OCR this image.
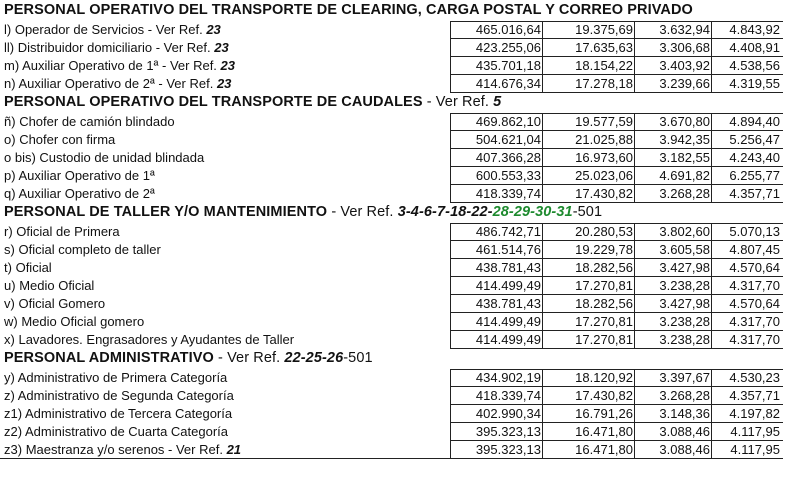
PERSONAL OPERATIVO DEL TRANSPORTE DE CLEARING, CARGA POSTAL Y CORREO PRIVADO
l) Operador de Servicios - Ver Ref. 23	465.016,64	19.375,69	3.632,94	4.843,92
ll) Distribuidor domiciliario - Ver Ref. 23	423.255,06	17.635,63	3.306,68	4.408,91
m) Auxiliar Operativo de 1ª - Ver Ref. 23	435.701,18	18.154,22	3.403,92	4.538,56
n) Auxiliar Operativo de 2ª - Ver Ref. 23	414.676,34	17.278,18	3.239,66	4.319,55
PERSONAL OPERATIVO DEL TRANSPORTE DE CAUDALES - Ver Ref. 5
ñ) Chofer de camión blindado	469.862,10	19.577,59	3.670,80	4.894,40
o) Chofer con firma	504.621,04	21.025,88	3.942,35	5.256,47
o bis) Custodio de unidad blindada	407.366,28	16.973,60	3.182,55	4.243,40
p) Auxiliar Operativo de 1ª	600.553,33	25.023,06	4.691,82	6.255,77
q) Auxiliar Operativo de 2ª	418.339,74	17.430,82	3.268,28	4.357,71
PERSONAL DE TALLER Y/O MANTENIMIENTO - Ver Ref. 3-4-6-7-18-22-28-29-30-31-501
r) Oficial de Primera	486.742,71	20.280,53	3.802,60	5.070,13
s) Oficial completo de taller	461.514,76	19.229,78	3.605,58	4.807,45
t) Oficial	438.781,43	18.282,56	3.427,98	4.570,64
u) Medio Oficial	414.499,49	17.270,81	3.238,28	4.317,70
v) Oficial Gomero	438.781,43	18.282,56	3.427,98	4.570,64
w) Medio Oficial gomero	414.499,49	17.270,81	3.238,28	4.317,70
x) Lavadores. Engrasadores y Ayudantes de Taller	414.499,49	17.270,81	3.238,28	4.317,70
PERSONAL ADMINISTRATIVO - Ver Ref. 22-25-26-501
y) Administrativo de Primera Categoría	434.902,19	18.120,92	3.397,67	4.530,23
z) Administrativo de Segunda Categoría	418.339,74	17.430,82	3.268,28	4.357,71
z1) Administrativo de Tercera Categoría	402.990,34	16.791,26	3.148,36	4.197,82
z2) Administrativo de Cuarta Categoría	395.323,13	16.471,80	3.088,46	4.117,95
z3) Maestranza y/o serenos - Ver Ref. 21	395.323,13	16.471,80	3.088,46	4.117,95
